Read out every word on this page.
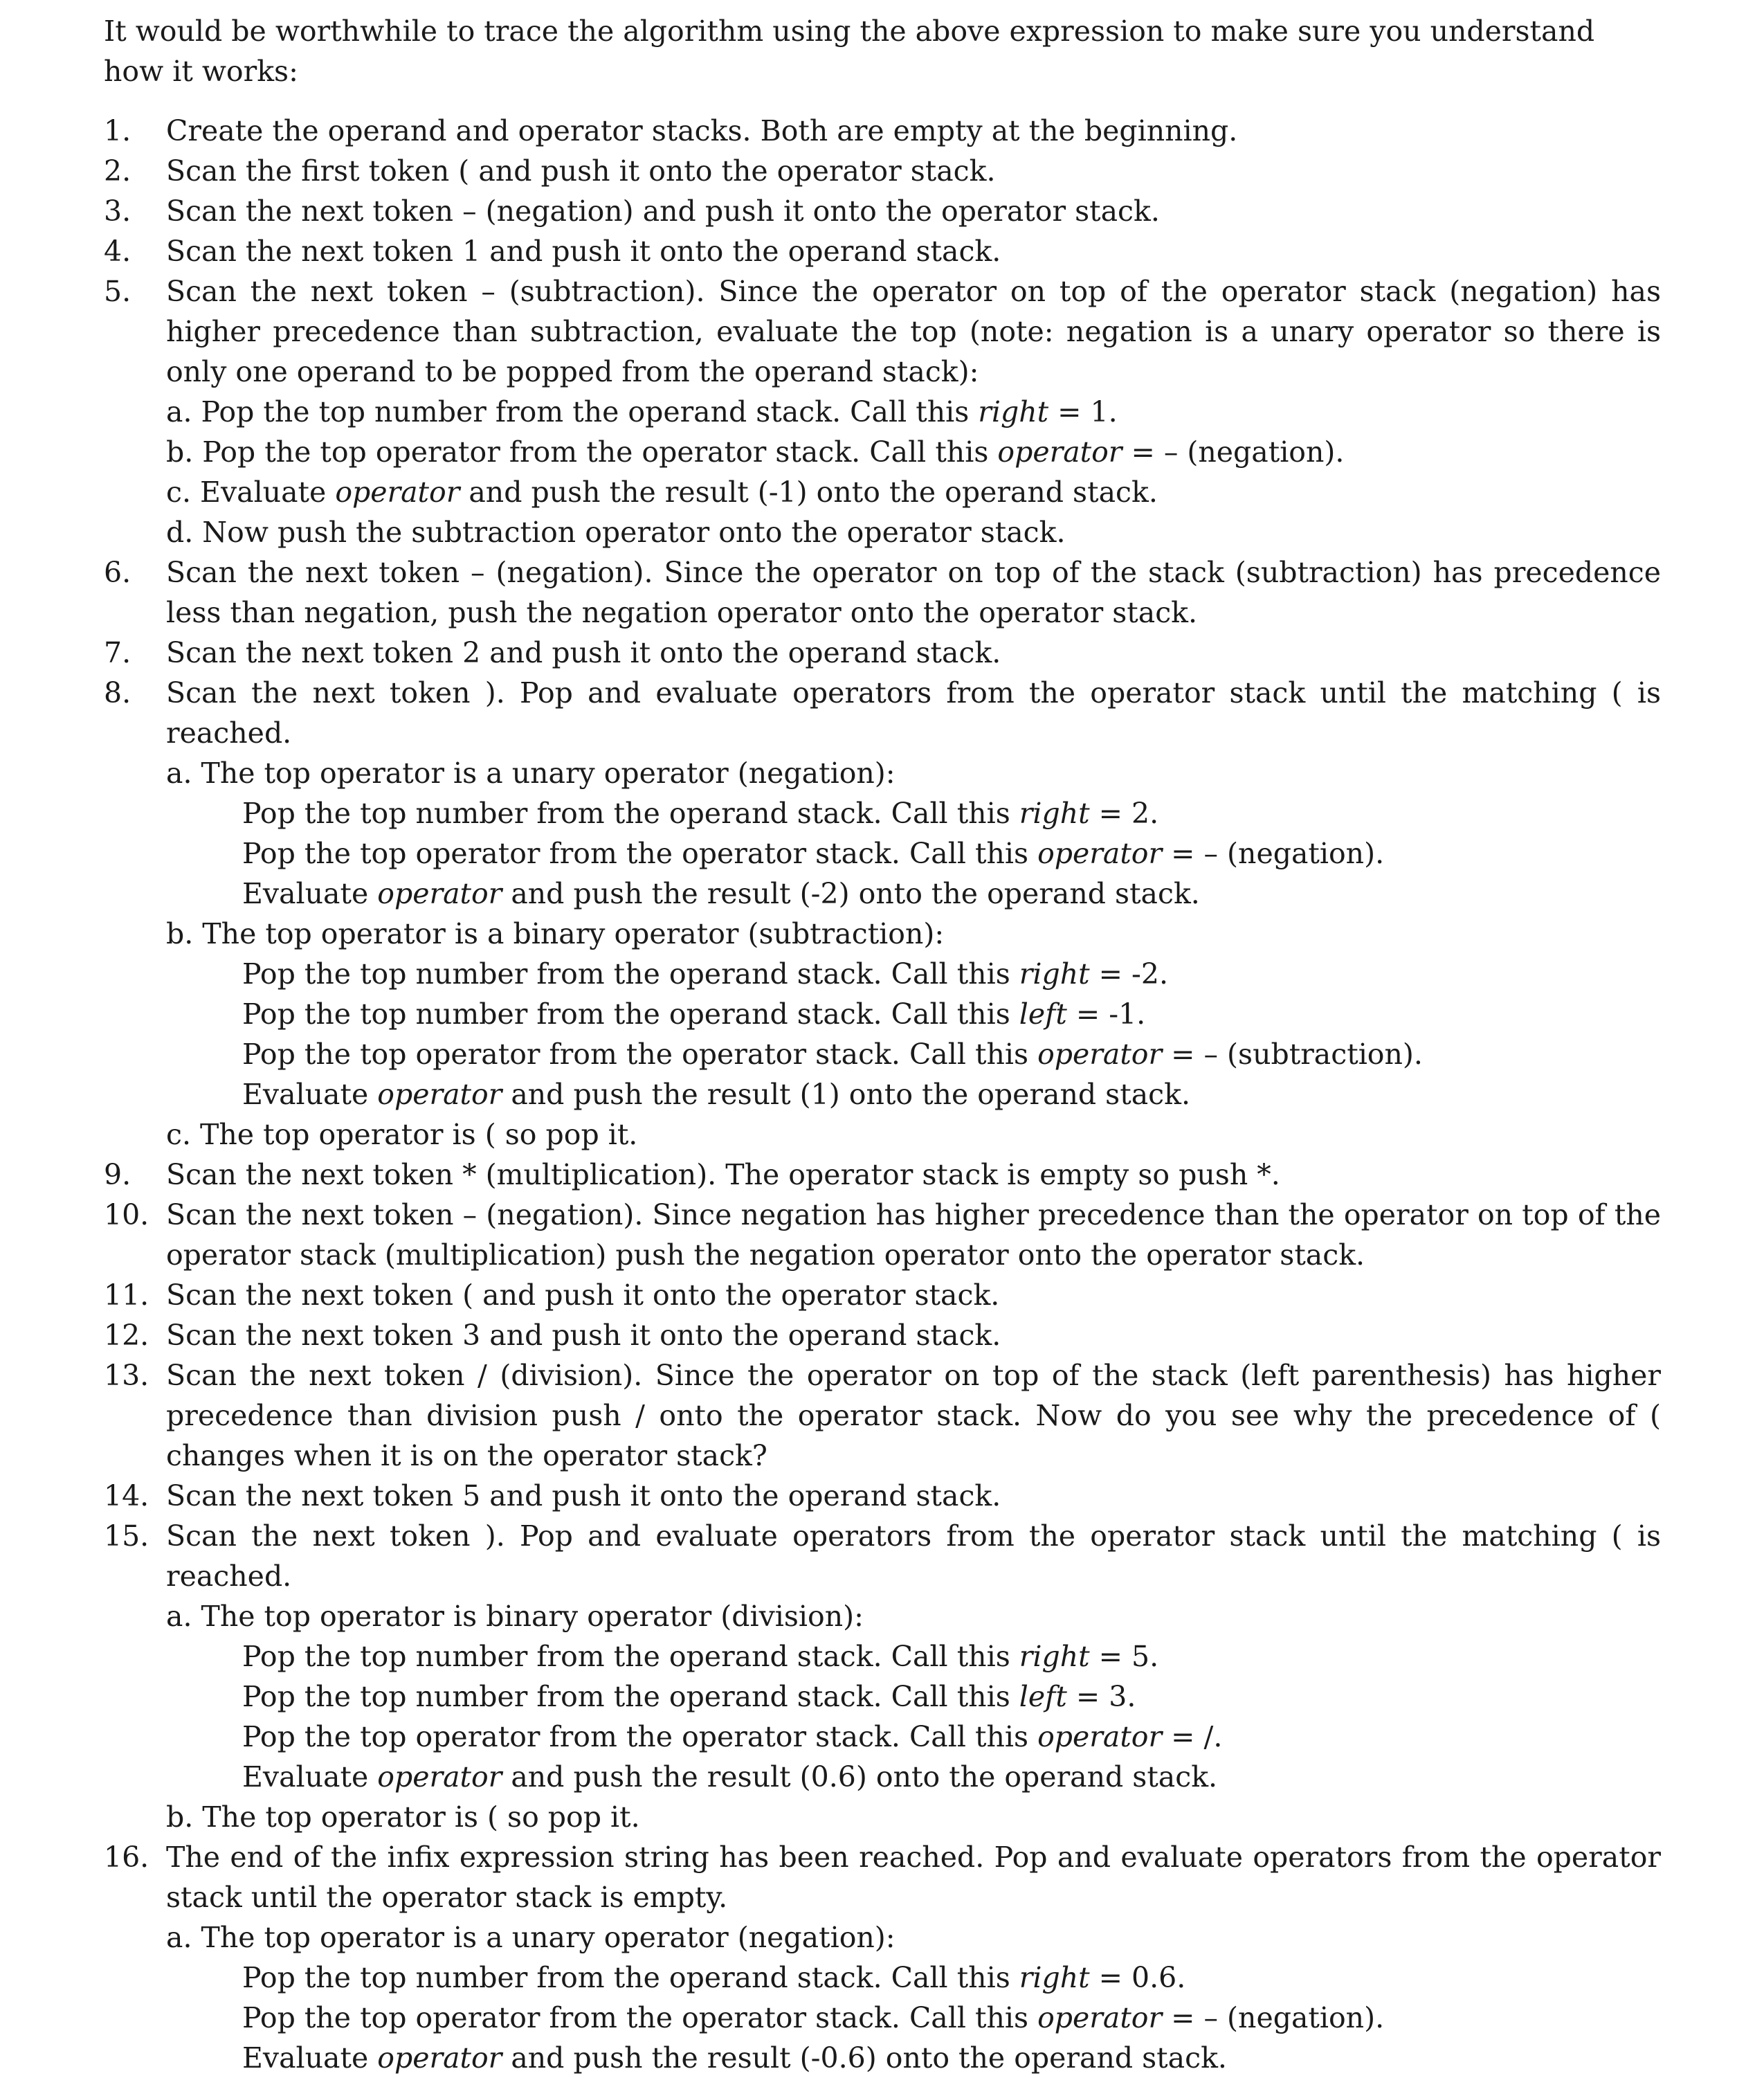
It would be worthwhile to trace the algorithm using the above expression to make sure you understand how it works:

1. Create the operand and operator stacks. Both are empty at the beginning.
2. Scan the first token ( and push it onto the operator stack.
3. Scan the next token – (negation) and push it onto the operator stack.
4. Scan the next token 1 and push it onto the operand stack.
5. Scan the next token – (subtraction). Since the operator on top of the operator stack (negation) has higher precedence than subtraction, evaluate the top (note: negation is a unary operator so there is only one operand to be popped from the operand stack):
a. Pop the top number from the operand stack. Call this right = 1.
b. Pop the top operator from the operator stack. Call this operator = – (negation).
c. Evaluate operator and push the result (-1) onto the operand stack.
d. Now push the subtraction operator onto the operator stack.
6. Scan the next token – (negation). Since the operator on top of the stack (subtraction) has precedence less than negation, push the negation operator onto the operator stack.
7. Scan the next token 2 and push it onto the operand stack.
8. Scan the next token ). Pop and evaluate operators from the operator stack until the matching ( is reached.
a. The top operator is a unary operator (negation):
Pop the top number from the operand stack. Call this right = 2.
Pop the top operator from the operator stack. Call this operator = – (negation).
Evaluate operator and push the result (-2) onto the operand stack.
b. The top operator is a binary operator (subtraction):
Pop the top number from the operand stack. Call this right = -2.
Pop the top number from the operand stack. Call this left = -1.
Pop the top operator from the operator stack. Call this operator = – (subtraction).
Evaluate operator and push the result (1) onto the operand stack.
c. The top operator is ( so pop it.
9. Scan the next token * (multiplication). The operator stack is empty so push *.
10. Scan the next token – (negation). Since negation has higher precedence than the operator on top of the operator stack (multiplication) push the negation operator onto the operator stack.
11. Scan the next token ( and push it onto the operator stack.
12. Scan the next token 3 and push it onto the operand stack.
13. Scan the next token / (division). Since the operator on top of the stack (left parenthesis) has higher precedence than division push / onto the operator stack. Now do you see why the precedence of ( changes when it is on the operator stack?
14. Scan the next token 5 and push it onto the operand stack.
15. Scan the next token ). Pop and evaluate operators from the operator stack until the matching ( is reached.
a. The top operator is binary operator (division):
Pop the top number from the operand stack. Call this right = 5.
Pop the top number from the operand stack. Call this left = 3.
Pop the top operator from the operator stack. Call this operator = /.
Evaluate operator and push the result (0.6) onto the operand stack.
b. The top operator is ( so pop it.
16. The end of the infix expression string has been reached. Pop and evaluate operators from the operator stack until the operator stack is empty.
a. The top operator is a unary operator (negation):
Pop the top number from the operand stack. Call this right = 0.6.
Pop the top operator from the operator stack. Call this operator = – (negation).
Evaluate operator and push the result (-0.6) onto the operand stack.
